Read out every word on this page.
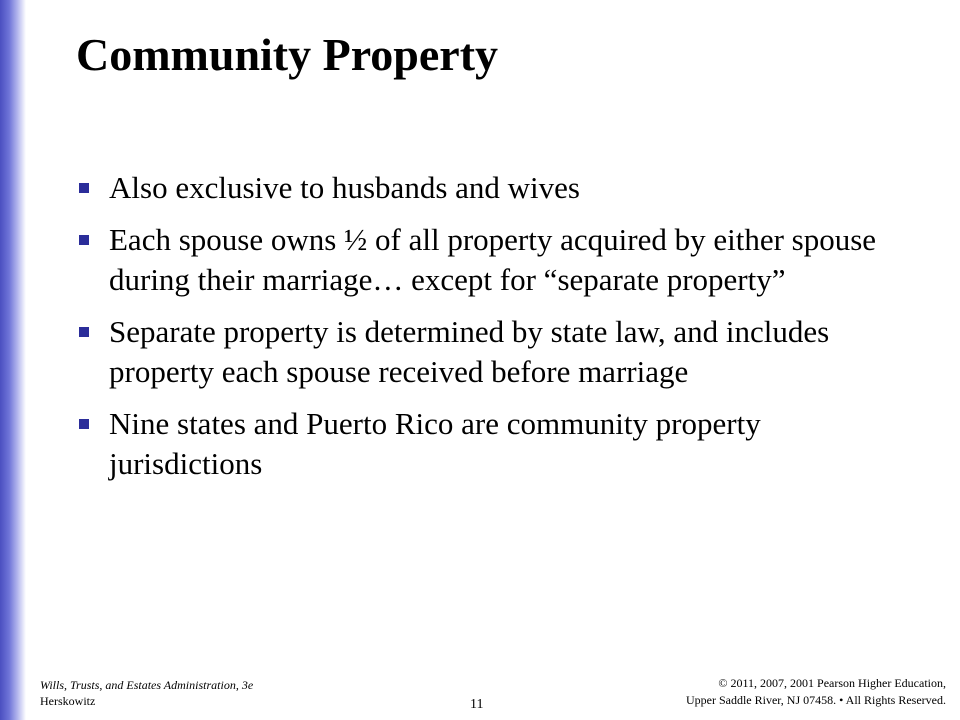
Community Property
Also exclusive to husbands and wives
Each spouse owns ½ of all property acquired by either spouse during their marriage… except for “separate property”
Separate property is determined by state law, and includes property each spouse received before marriage
Nine states and Puerto Rico are community property jurisdictions
Wills, Trusts, and Estates Administration, 3e
Herskowitz	11
© 2011, 2007, 2001 Pearson Higher Education,
Upper Saddle River, NJ 07458. • All Rights Reserved.
